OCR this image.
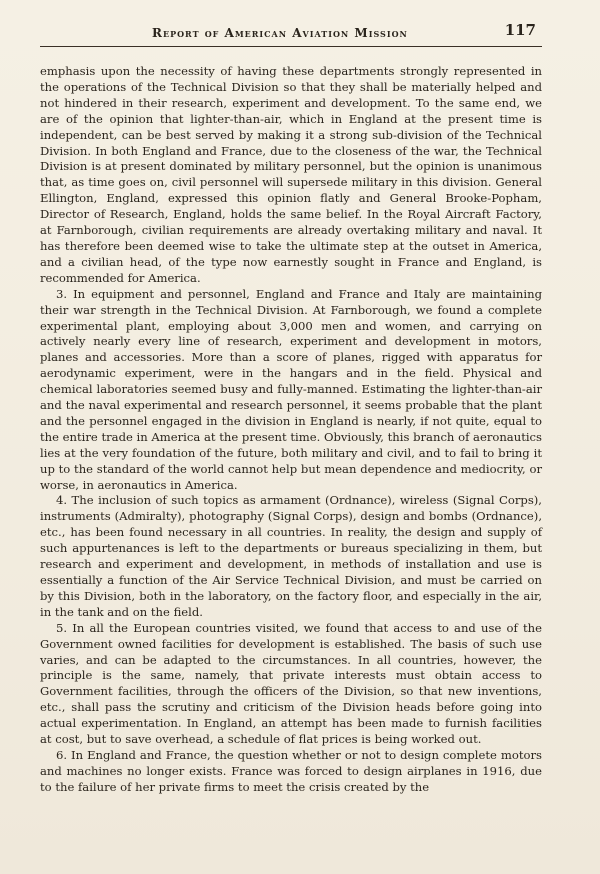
Report of American Aviation Mission	117

emphasis upon the necessity of having these departments strongly represented in the operations of the Technical Division so that they shall be materially helped and not hindered in their research, experiment and development. To the same end, we are of the opinion that lighter-than-air, which in England at the present time is independent, can be best served by making it a strong sub-division of the Technical Division. In both England and France, due to the closeness of the war, the Technical Division is at present dominated by military personnel, but the opinion is unanimous that, as time goes on, civil personnel will supersede military in this division. General Ellington, England, expressed this opinion flatly and General Brooke-Popham, Director of Research, England, holds the same belief. In the Royal Aircraft Factory, at Farnborough, civilian requirements are already overtaking military and naval. It has therefore been deemed wise to take the ultimate step at the outset in America, and a civilian head, of the type now earnestly sought in France and England, is recommended for America.

3. In equipment and personnel, England and France and Italy are maintaining their war strength in the Technical Division. At Farnborough, we found a complete experimental plant, employing about 3,000 men and women, and carrying on actively nearly every line of research, experiment and development in motors, planes and accessories. More than a score of planes, rigged with apparatus for aerodynamic experiment, were in the hangars and in the field. Physical and chemical laboratories seemed busy and fully-manned. Estimating the lighter-than-air and the naval experimental and research personnel, it seems probable that the plant and the personnel engaged in the division in England is nearly, if not quite, equal to the entire trade in America at the present time. Obviously, this branch of aeronautics lies at the very foundation of the future, both military and civil, and to fail to bring it up to the standard of the world cannot help but mean dependence and mediocrity, or worse, in aeronautics in America.

4. The inclusion of such topics as armament (Ordnance), wireless (Signal Corps), instruments (Admiralty), photography (Signal Corps), design and bombs (Ordnance), etc., has been found necessary in all countries. In reality, the design and supply of such appurtenances is left to the departments or bureaus specializing in them, but research and experiment and development, in methods of installation and use is essentially a function of the Air Service Technical Division, and must be carried on by this Division, both in the laboratory, on the factory floor, and especially in the air, in the tank and on the field.

5. In all the European countries visited, we found that access to and use of the Government owned facilities for development is established. The basis of such use varies, and can be adapted to the circumstances. In all countries, however, the principle is the same, namely, that private interests must obtain access to Government facilities, through the officers of the Division, so that new inventions, etc., shall pass the scrutiny and criticism of the Division heads before going into actual experimentation. In England, an attempt has been made to furnish facilities at cost, but to save overhead, a schedule of flat prices is being worked out.

6. In England and France, the question whether or not to design complete motors and machines no longer exists. France was forced to design airplanes in 1916, due to the failure of her private firms to meet the crisis created by the
